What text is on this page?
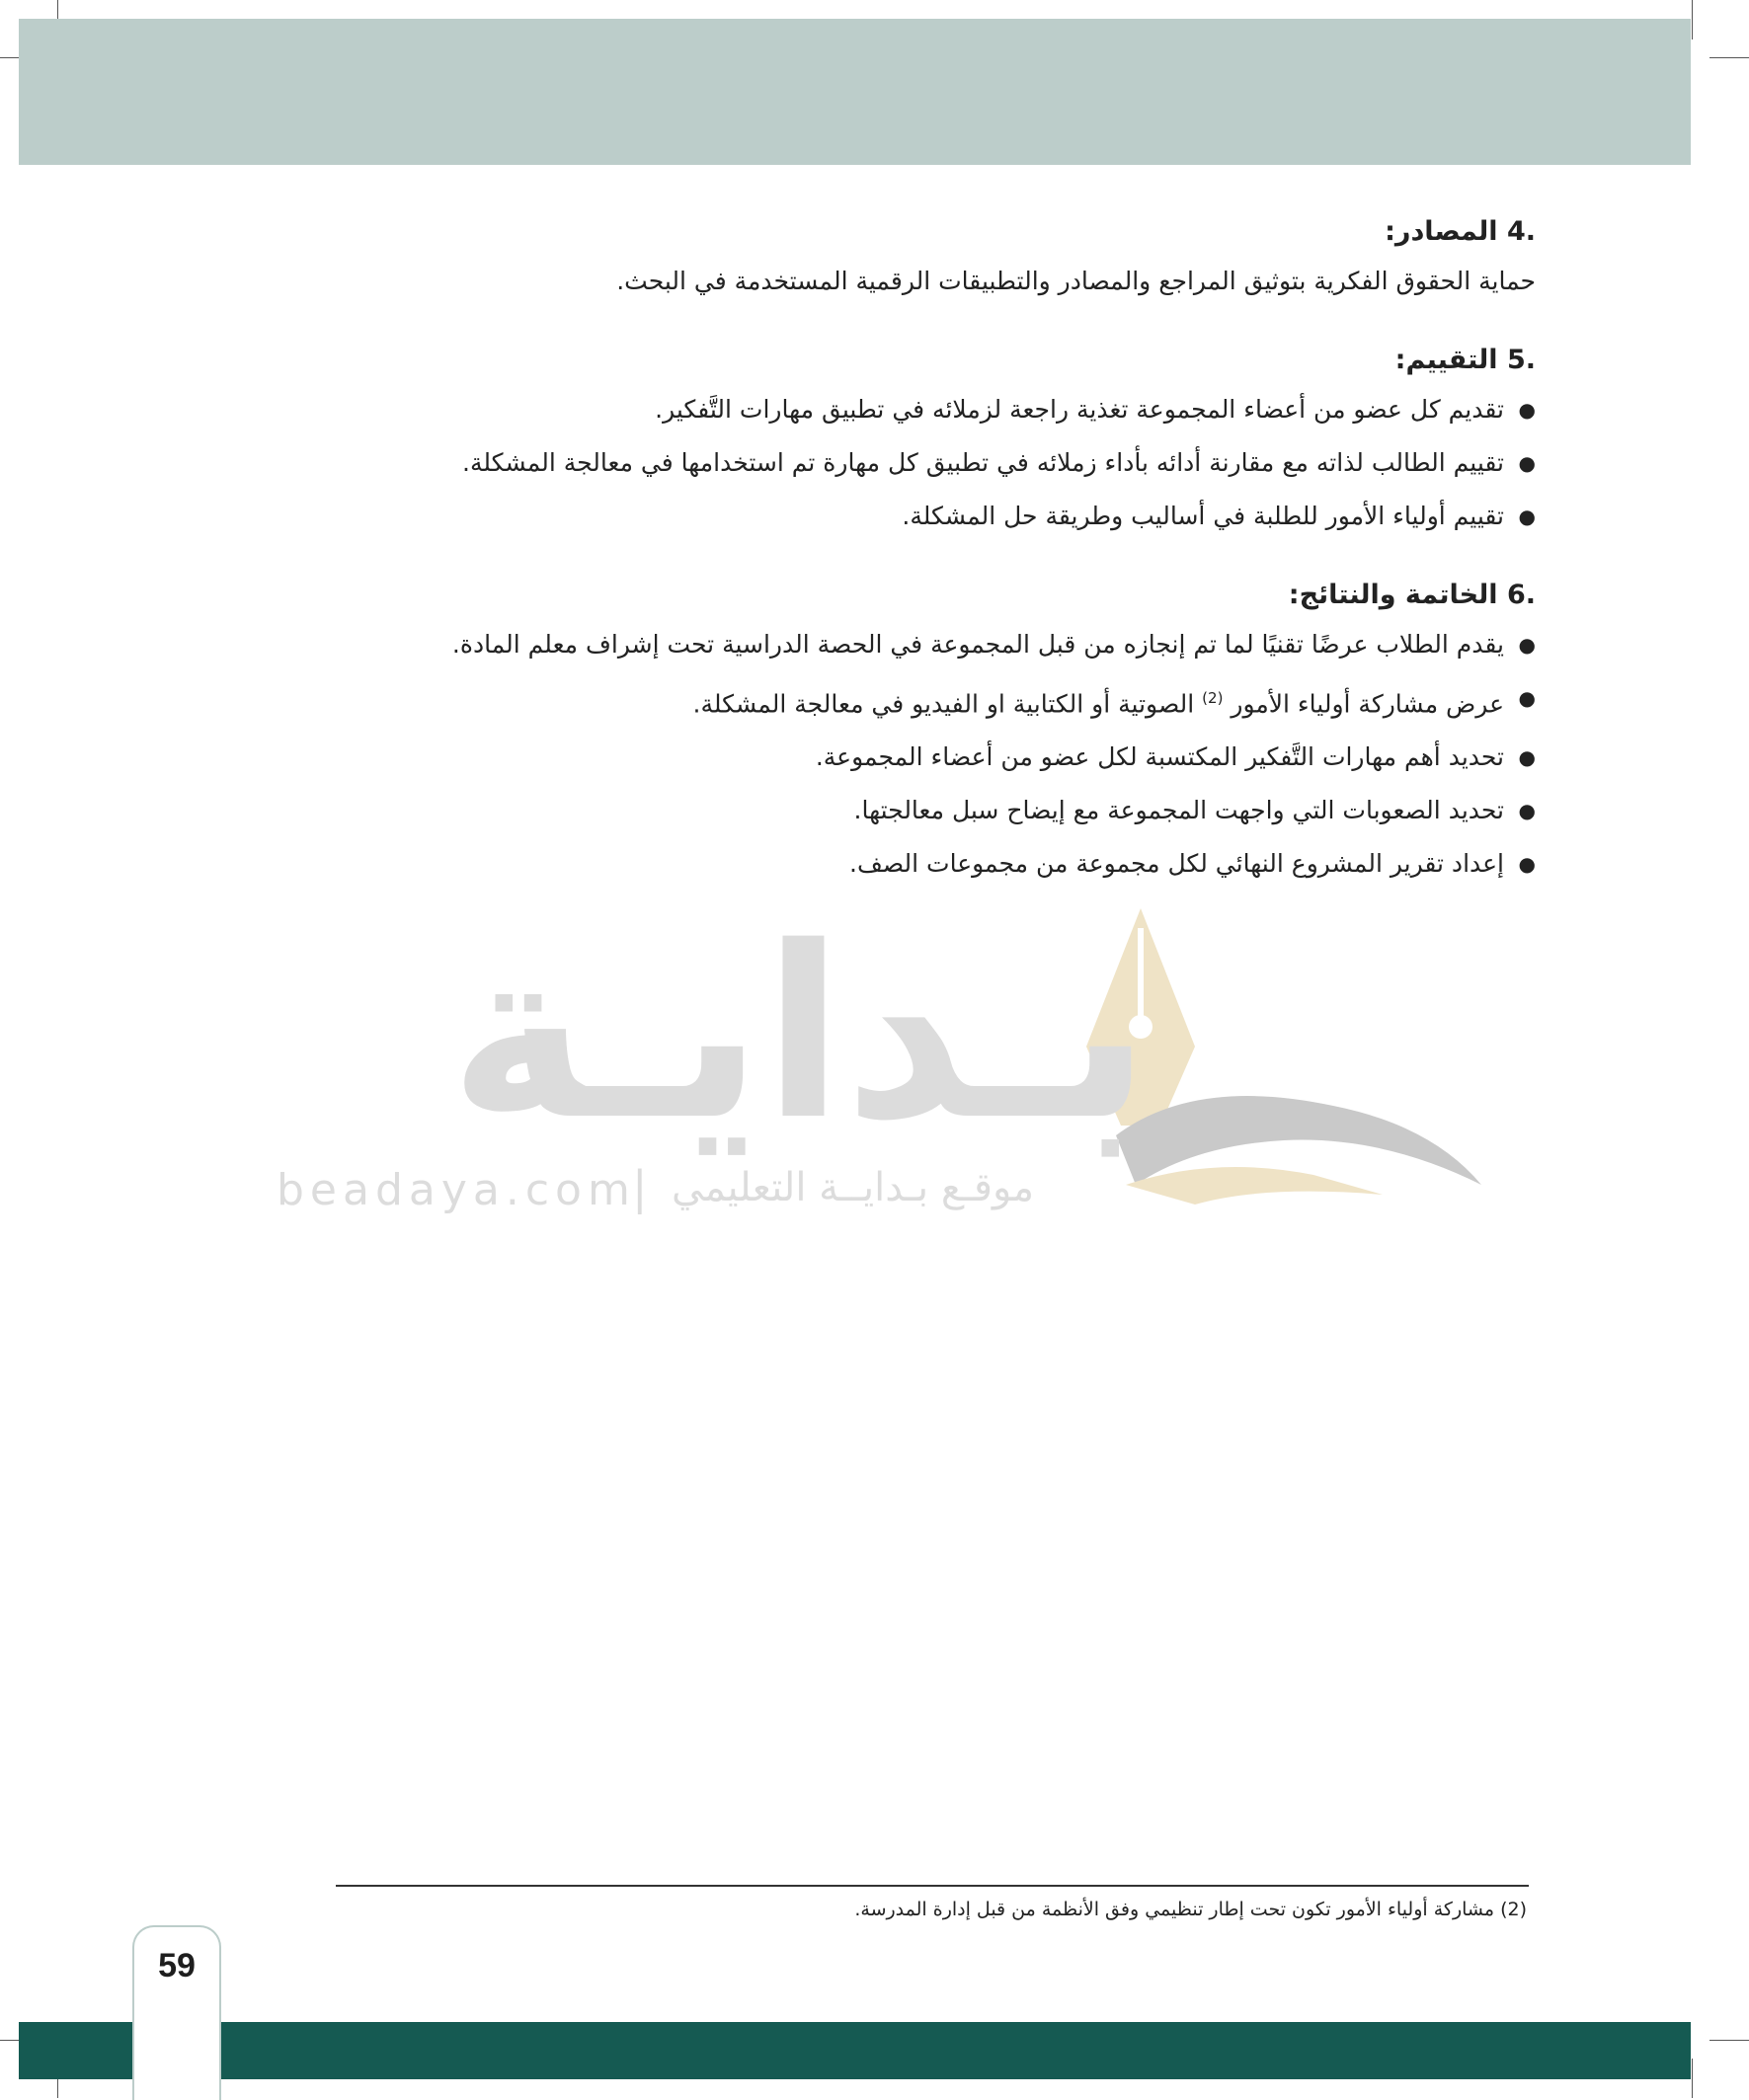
بـدايـة
beadaya.com
| موقـع بـدايــة التعليمي
4. المصادر:

حماية الحقوق الفكرية بتوثيق المراجع والمصادر والتطبيقات الرقمية المستخدمة في البحث.

5. التقييم:
● تقديم كل عضو من أعضاء المجموعة تغذية راجعة لزملائه في تطبيق مهارات التَّفكير.
● تقييم الطالب لذاته مع مقارنة أدائه بأداء زملائه في تطبيق كل مهارة تم استخدامها في معالجة المشكلة.
● تقييم أولياء الأمور للطلبة في أساليب وطريقة حل المشكلة.
6. الخاتمة والنتائج:
● يقدم الطلاب عرضًا تقنيًا لما تم إنجازه من قبل المجموعة في الحصة الدراسية تحت إشراف معلم المادة.
● عرض مشاركة أولياء الأمور $^{(2)}$ الصوتية أو الكتابية او الفيديو في معالجة المشكلة.
● تحديد أهم مهارات التَّفكير المكتسبة لكل عضو من أعضاء المجموعة.
● تحديد الصعوبات التي واجهت المجموعة مع إيضاح سبل معالجتها.
● إعداد تقرير المشروع النهائي لكل مجموعة من مجموعات الصف.
(2) مشاركة أولياء الأمور تكون تحت إطار تنظيمي وفق الأنظمة من قبل إدارة المدرسة.
59
